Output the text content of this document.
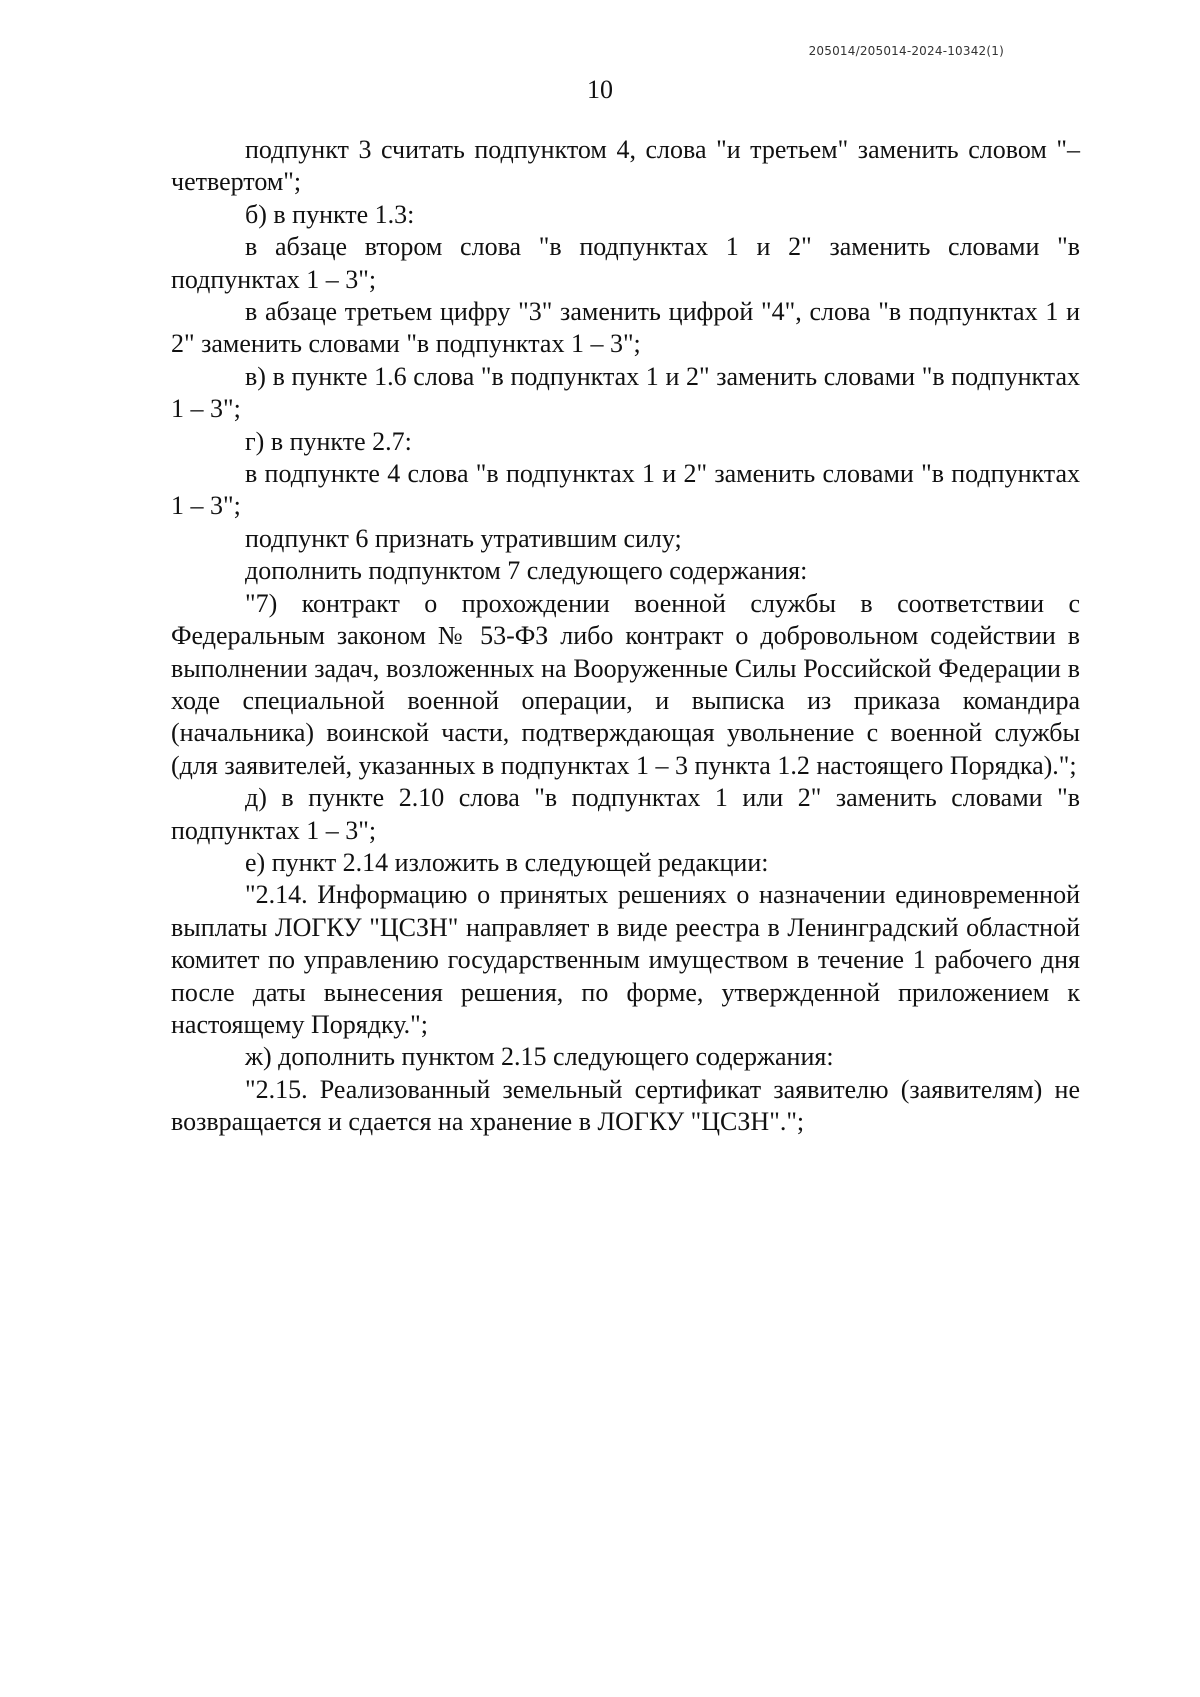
205014/205014-2024-10342(1)
10

подпункт 3 считать подпунктом 4, слова "и третьем" заменить словом "– четвертом";

б) в пункте 1.3:

в абзаце втором слова "в подпунктах 1 и 2" заменить словами "в подпунктах 1 – 3";

в абзаце третьем цифру "3" заменить цифрой "4", слова "в подпунктах 1 и 2" заменить словами "в подпунктах 1 – 3";

в) в пункте 1.6 слова "в подпунктах 1 и 2" заменить словами "в подпунктах 1 – 3";

г) в пункте 2.7:

в подпункте 4 слова "в подпунктах 1 и 2" заменить словами "в подпунктах 1 – 3";

подпункт 6 признать утратившим силу;

дополнить подпунктом 7 следующего содержания:

"7) контракт о прохождении военной службы в соответствии с Федеральным законом № 53-ФЗ либо контракт о добровольном содействии в выполнении задач, возложенных на Вооруженные Силы Российской Федерации в ходе специальной военной операции, и выписка из приказа командира (начальника) воинской части, подтверждающая увольнение с военной службы (для заявителей, указанных в подпунктах 1 – 3 пункта 1.2 настоящего Порядка).";

д) в пункте 2.10 слова "в подпунктах 1 или 2" заменить словами "в подпунктах 1 – 3";

е) пункт 2.14 изложить в следующей редакции:

"2.14. Информацию о принятых решениях о назначении единовременной выплаты ЛОГКУ "ЦСЗН" направляет в виде реестра в Ленинградский областной комитет по управлению государственным имуществом в течение 1 рабочего дня после даты вынесения решения, по форме, утвержденной приложением к настоящему Порядку.";

ж) дополнить пунктом 2.15 следующего содержания:

"2.15. Реализованный земельный сертификат заявителю (заявителям) не возвращается и сдается на хранение в ЛОГКУ "ЦСЗН".";
